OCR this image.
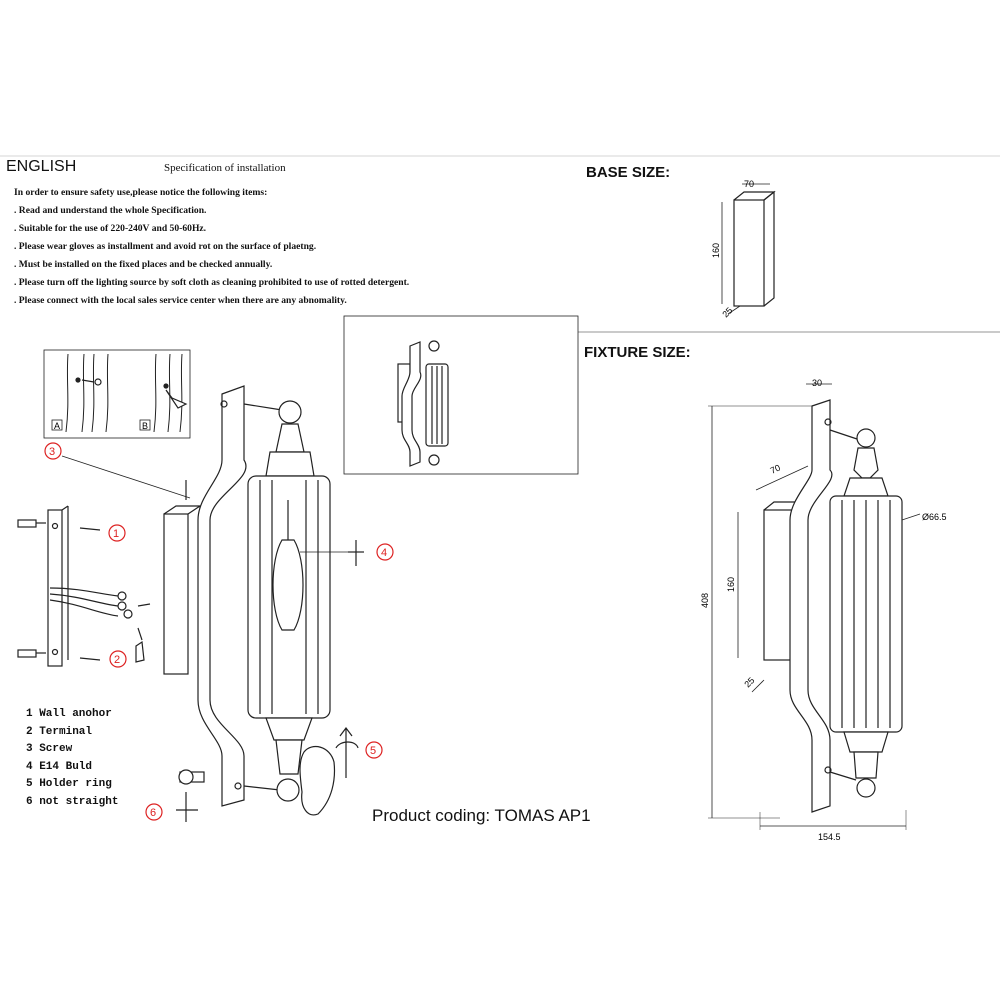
ENGLISH	Specification of installation
In order to ensure safety use,please notice the following items:
. Read and understand the whole Specification.
. Suitable for the use of 220-240V and 50-60Hz.
. Please wear gloves as installment and avoid rot on the surface of plaetng.
. Must be installed on the fixed places and be checked annually.
. Please turn off the lighting source by soft cloth as cleaning prohibited to use of rotted detergent.
. Please connect with the local sales service center when there are any abnomality.
BASE SIZE:
FIXTURE SIZE:
1 Wall anohor
2 Terminal
3 Screw
4 E14 Buld
5 Holder ring
6 not straight
Product coding: TOMAS AP1
70
160
25
30
70
Ø66.5
408
160
25
154.5
A	B
1
2
3
4
5
6
